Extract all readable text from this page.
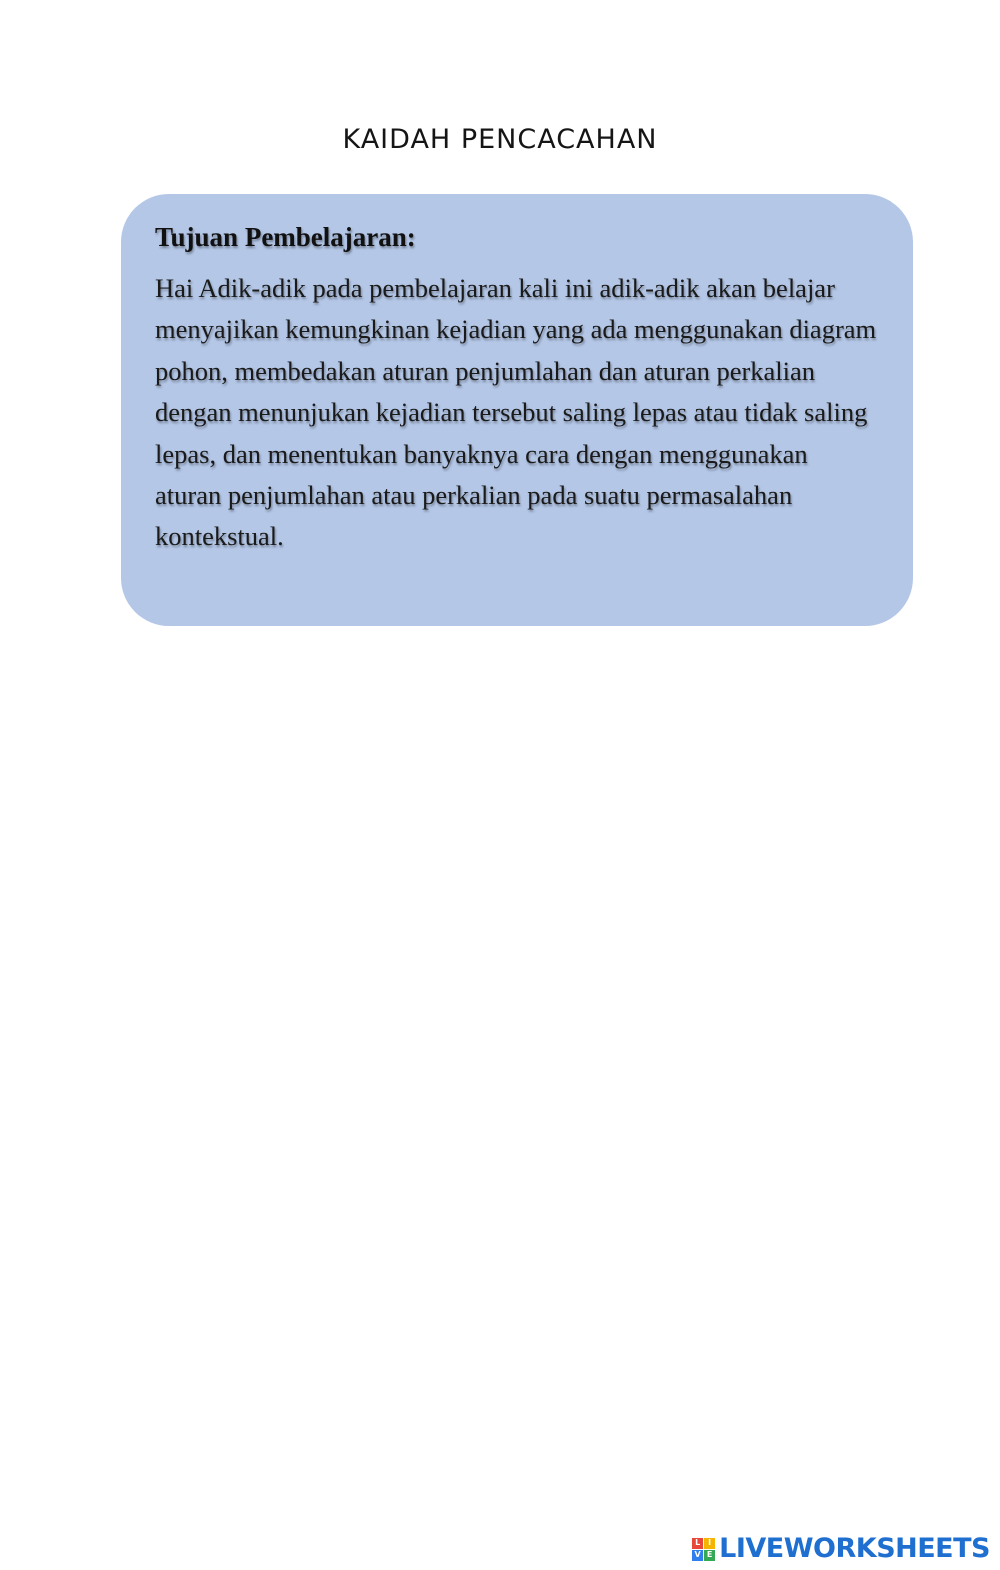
KAIDAH PENCACAHAN
Tujuan Pembelajaran:

Hai Adik-adik pada pembelajaran kali ini adik-adik akan belajar menyajikan kemungkinan kejadian yang ada menggunakan diagram pohon, membedakan aturan penjumlahan dan aturan perkalian dengan menunjukan kejadian tersebut saling lepas atau tidak saling lepas, dan menentukan banyaknya cara dengan menggunakan aturan penjumlahan atau perkalian pada suatu permasalahan kontekstual.

L I
V E LIVEWORKSHEETS
